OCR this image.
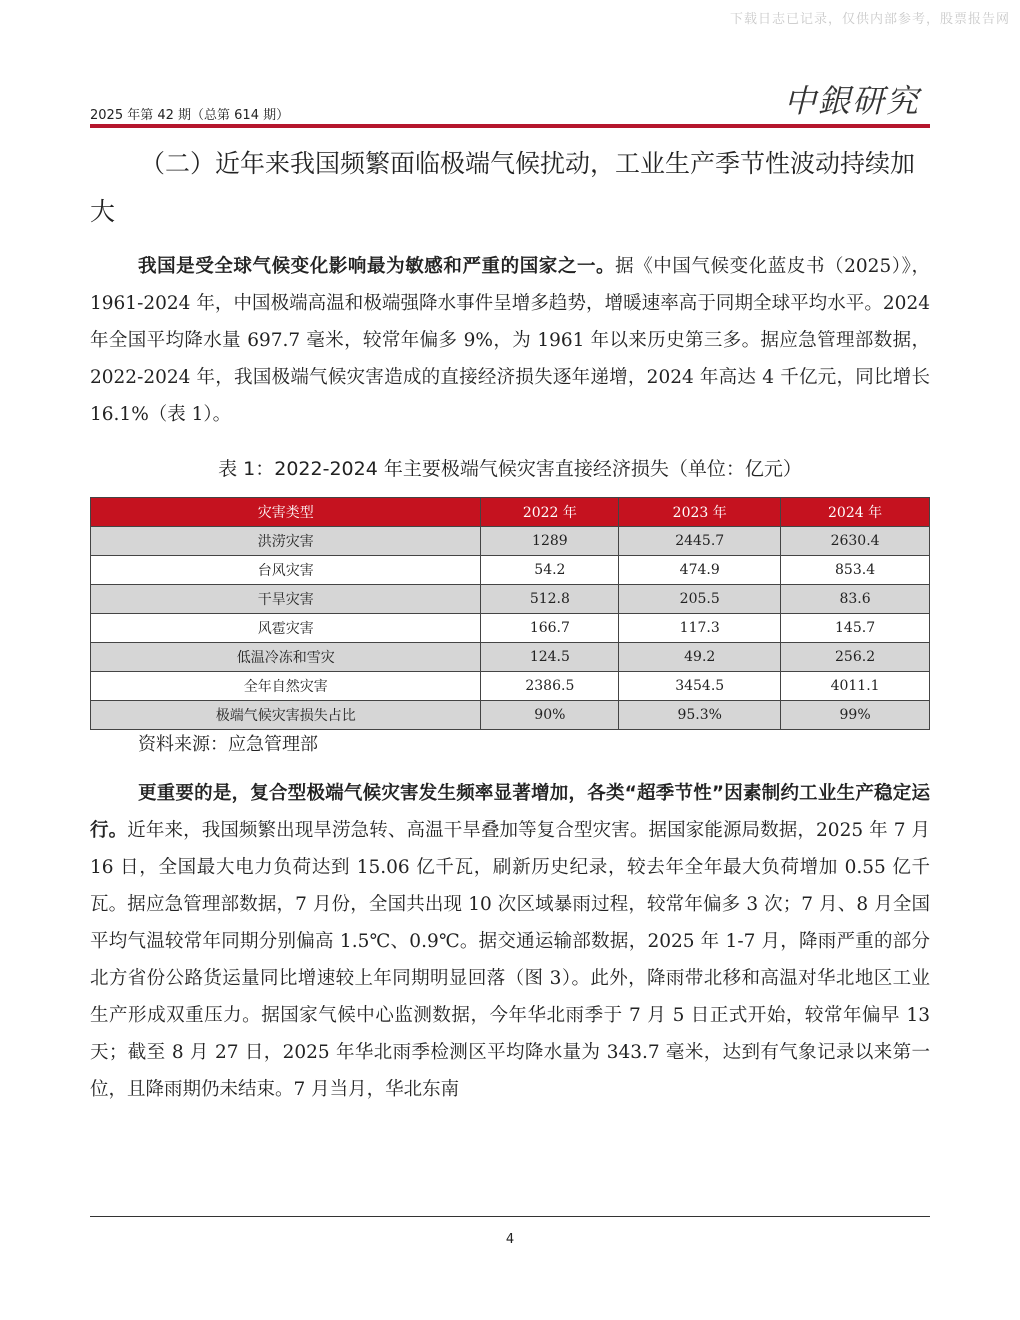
下载日志已记录，仅供内部参考，股票报告网
2025 年第 42 期（总第 614 期）	中銀研究
（二）近年来我国频繁面临极端气候扰动，工业生产季节性波动持续加大
我国是受全球气候变化影响最为敏感和严重的国家之一。据《中国气候变化蓝皮书（2025）》，1961-2024 年，中国极端高温和极端强降水事件呈增多趋势，增暖速率高于同期全球平均水平。2024 年全国平均降水量 697.7 毫米，较常年偏多 9%，为 1961 年以来历史第三多。据应急管理部数据，2022-2024 年，我国极端气候灾害造成的直接经济损失逐年递增，2024 年高达 4 千亿元，同比增长 16.1%（表 1）。
表 1：2022-2024 年主要极端气候灾害直接经济损失（单位：亿元）
灾害类型	2022 年	2023 年	2024 年
洪涝灾害	1289	2445.7	2630.4
台风灾害	54.2	474.9	853.4
干旱灾害	512.8	205.5	83.6
风雹灾害	166.7	117.3	145.7
低温冷冻和雪灾	124.5	49.2	256.2
全年自然灾害	2386.5	3454.5	4011.1
极端气候灾害损失占比	90%	95.3%	99%
资料来源：应急管理部
更重要的是，复合型极端气候灾害发生频率显著增加，各类“超季节性”因素制约工业生产稳定运行。近年来，我国频繁出现旱涝急转、高温干旱叠加等复合型灾害。据国家能源局数据，2025 年 7 月 16 日，全国最大电力负荷达到 15.06 亿千瓦，刷新历史纪录，较去年全年最大负荷增加 0.55 亿千瓦。据应急管理部数据，7 月份，全国共出现 10 次区域暴雨过程，较常年偏多 3 次；7 月、8 月全国平均气温较常年同期分别偏高 1.5℃、0.9℃。据交通运输部数据，2025 年 1-7 月，降雨严重的部分北方省份公路货运量同比增速较上年同期明显回落（图 3）。此外，降雨带北移和高温对华北地区工业生产形成双重压力。据国家气候中心监测数据，今年华北雨季于 7 月 5 日正式开始，较常年偏早 13 天；截至 8 月 27 日，2025 年华北雨季检测区平均降水量为 343.7 毫米，达到有气象记录以来第一位，且降雨期仍未结束。7 月当月，华北东南
4
